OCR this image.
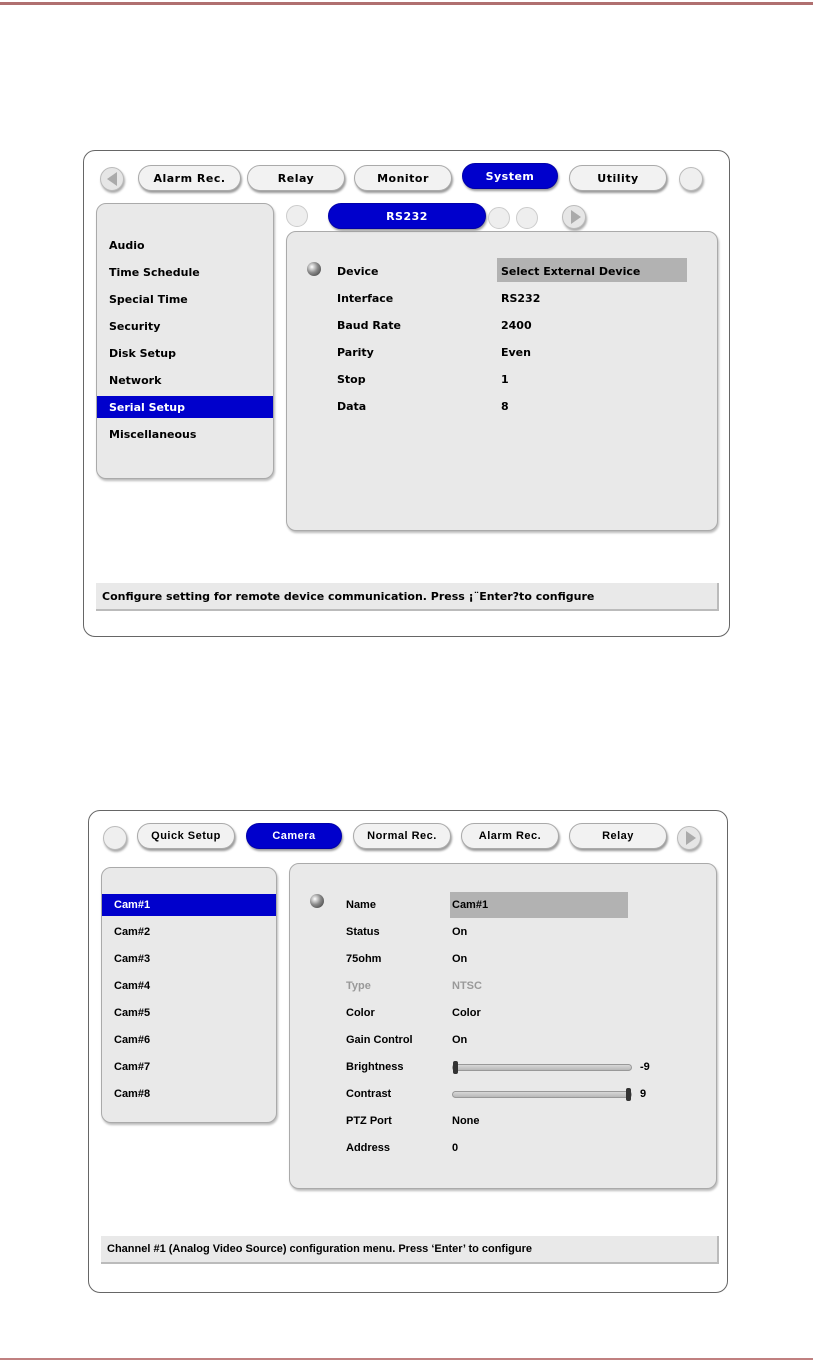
Alarm Rec.	Relay	Monitor	System	Utility
Audio
Time Schedule
Special Time
Security
Disk Setup
Network
Serial Setup
Miscellaneous
Device	Select External Device
Interface	RS232
Baud Rate	2400
Parity	Even
Stop	1
Data	8
RS232
Configure setting for remote device communication. Press ¡¨Enter?to configure
Quick Setup	Camera	Normal Rec.	Alarm Rec.	Relay
Cam#1
Cam#2
Cam#3
Cam#4
Cam#5
Cam#6
Cam#7
Cam#8
Name	Cam#1
Status	On
75ohm	On
Type	NTSC
Color	Color
Gain Control	On
Brightness	-9
Contrast	9
PTZ Port	None
Address	0
Channel #1 (Analog Video Source) configuration menu. Press ‘Enter’ to configure
